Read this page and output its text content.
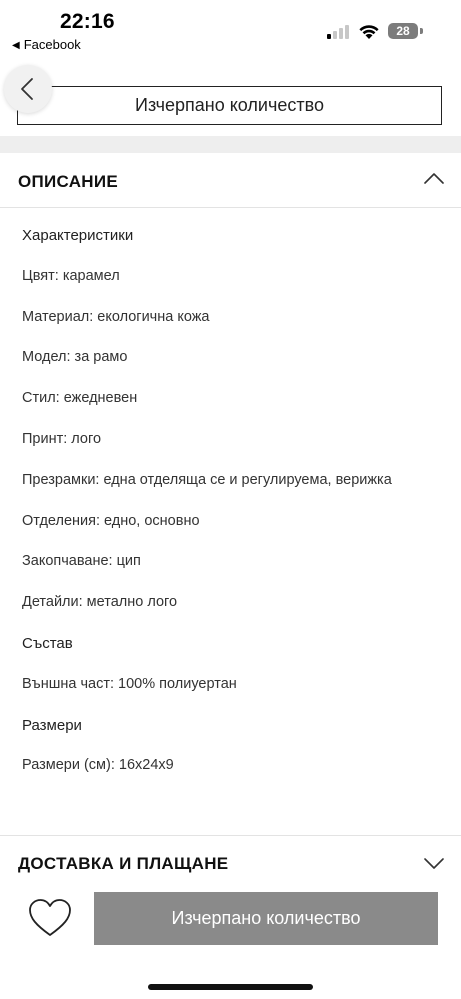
22:16
◀ Facebook
28
Изчерпано количество
ОПИСАНИЕ
Характеристики
Цвят: карамел
Материал: екологична кожа
Модел: за рамо
Стил: ежедневен
Принт: лого
Презрамки: една отделяща се и регулируема, верижка
Отделения: едно, основно
Закопчаване: цип
Детайли: метално лого
Състав
Външна част: 100% полиуертан
Размери
Размери (см): 16x24x9
ДОСТАВКА И ПЛАЩАНЕ
Изчерпано количество
